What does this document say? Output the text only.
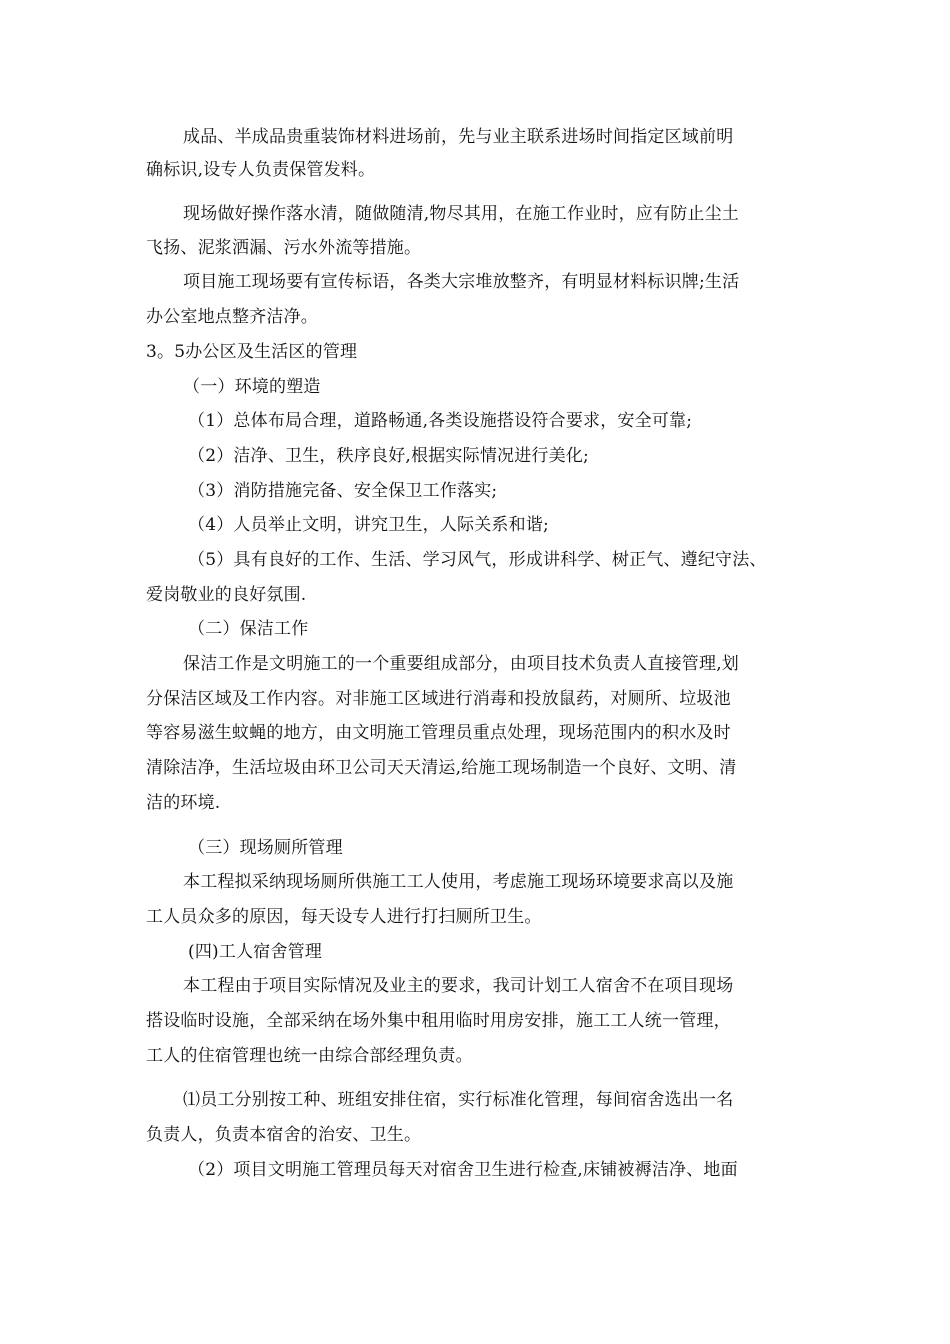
成品、半成品贵重装饰材料进场前，先与业主联系进场时间指定区域前明
确标识,设专人负责保管发料。
现场做好操作落水清，随做随清,物尽其用，在施工作业时，应有防止尘土
飞扬、泥浆洒漏、污水外流等措施。
项目施工现场要有宣传标语，各类大宗堆放整齐，有明显材料标识牌;生活
办公室地点整齐洁净。
3。5办公区及生活区的管理
（一）环境的塑造
（1）总体布局合理，道路畅通,各类设施搭设符合要求，安全可靠;
（2）洁净、卫生，秩序良好,根据实际情况进行美化;
（3）消防措施完备、安全保卫工作落实;
（4）人员举止文明，讲究卫生，人际关系和谐;
（5）具有良好的工作、生活、学习风气，形成讲科学、树正气、遵纪守法、
爱岗敬业的良好氛围.
（二）保洁工作
保洁工作是文明施工的一个重要组成部分，由项目技术负责人直接管理,划
分保洁区域及工作内容。对非施工区域进行消毒和投放鼠药，对厕所、垃圾池
等容易滋生蚊蝇的地方，由文明施工管理员重点处理，现场范围内的积水及时
清除洁净，生活垃圾由环卫公司天天清运,给施工现场制造一个良好、文明、清
洁的环境.
（三）现场厕所管理
本工程拟采纳现场厕所供施工工人使用，考虑施工现场环境要求高以及施
工人员众多的原因，每天设专人进行打扫厕所卫生。
(四)工人宿舍管理
本工程由于项目实际情况及业主的要求，我司计划工人宿舍不在项目现场
搭设临时设施，全部采纳在场外集中租用临时用房安排，施工工人统一管理，
工人的住宿管理也统一由综合部经理负责。
⑴员工分别按工种、班组安排住宿，实行标准化管理，每间宿舍选出一名
负责人，负责本宿舍的治安、卫生。
（2）项目文明施工管理员每天对宿舍卫生进行检查,床铺被褥洁净、地面
